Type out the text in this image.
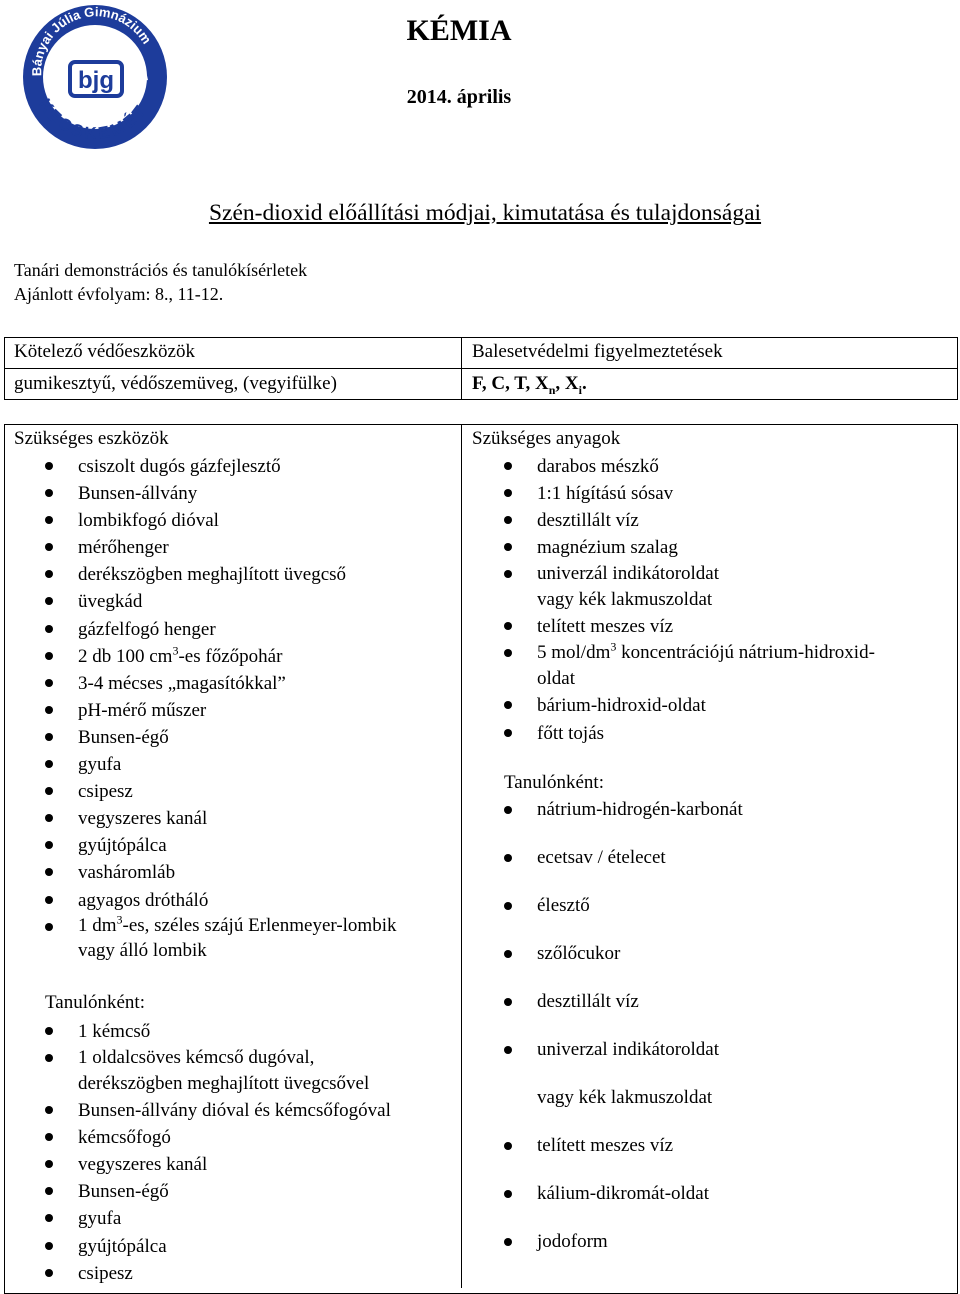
Bányai Júlia Gimnázium
bjg
KECSKEMÉT
KÉMIA
2014. április
Szén-dioxid előállítási módjai, kimutatása és tulajdonságai
Tanári demonstrációs és tanulókísérletek
Ajánlott évfolyam: 8., 11-12.
Kötelező védőeszközök
gumikesztyű, védőszemüveg, (vegyifülke)
Balesetvédelmi figyelmeztetések
F, C, T, $X_n$, $X_i$.
Szükséges eszközök
csiszolt dugós gázfejlesztő
Bunsen-állvány
lombikfogó dióval
mérőhenger
derékszögben meghajlított üvegcső
üvegkád
gázfelfogó henger
2 db 100 $cm^3-es$ főzőpohár
3-4 mécses „magasítókkal”
pH-mérő műszer
Bunsen-égő
gyufa
csipesz
vegyszeres kanál
gyújtópálca
vasháromláb
agyagos drótháló
1 $dm^3-es$, széles szájú Erlenmeyer-lombik
vagy álló lombik
Tanulónként:
1 kémcső
1 oldalcsöves kémcső dugóval,
derékszögben meghajlított üvegcsővel
Bunsen-állvány dióval és kémcsőfogóval
kémcsőfogó
vegyszeres kanál
Bunsen-égő
gyufa
gyújtópálca
csipesz
Szükséges anyagok
darabos mészkő
1:1 hígítású sósav
desztillált víz
magnézium szalag
univerzál indikátoroldat
vagy kék lakmuszoldat
telített meszes víz
5 mol/$dm^3$ koncentrációjú nátrium-hidroxid-
oldat
bárium-hidroxid-oldat
főtt tojás
Tanulónként:
nátrium-hidrogén-karbonát
ecetsav / ételecet
élesztő
szőlőcukor
desztillált víz
univerzal indikátoroldat
vagy kék lakmuszoldat
telített meszes víz
kálium-dikromát-oldat
jodoform
